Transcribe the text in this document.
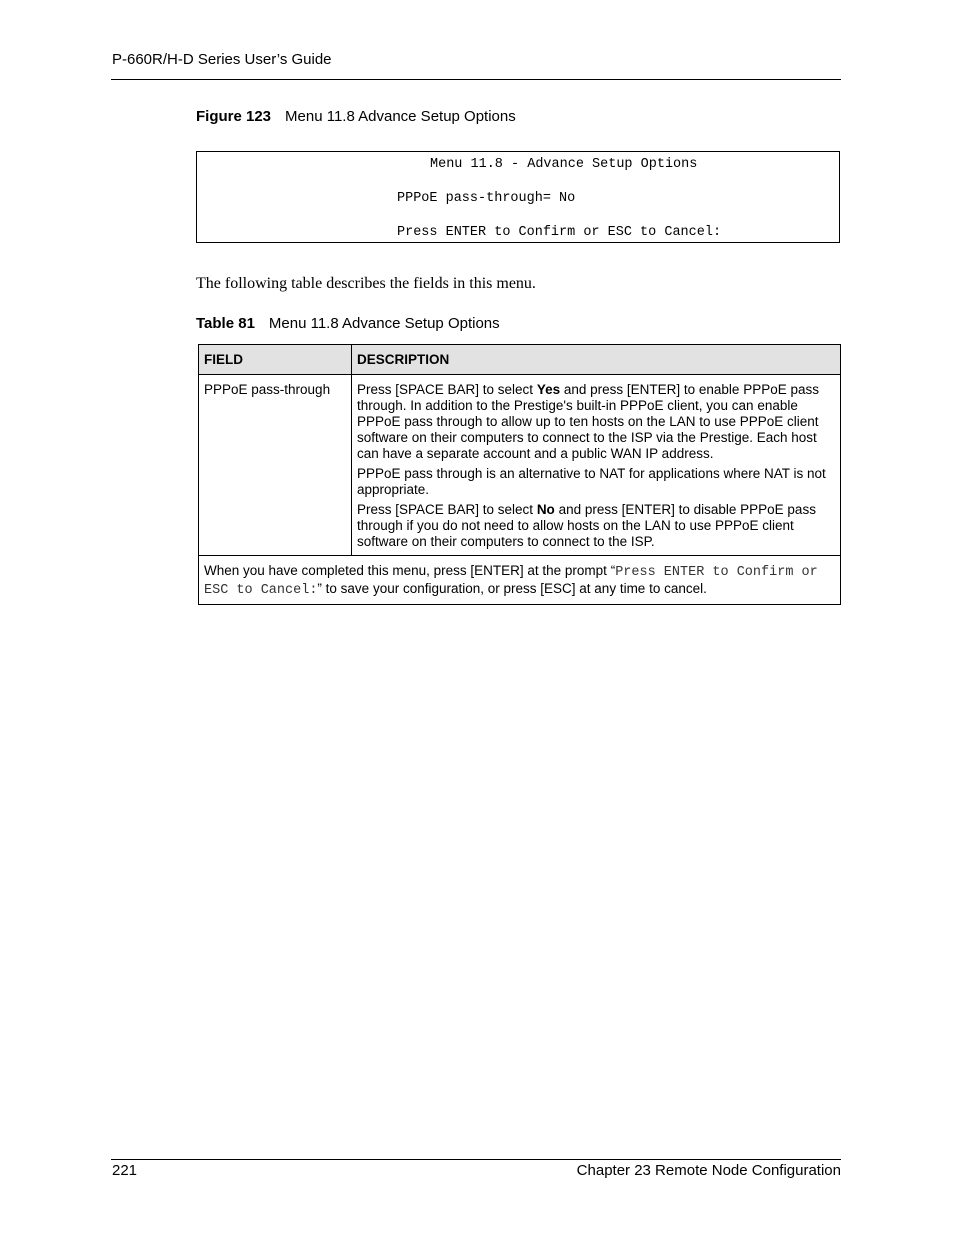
P-660R/H-D Series User’s Guide
Figure 123 Menu 11.8 Advance Setup Options
Menu 11.8 - Advance Setup Options
PPPoE pass-through= No
Press ENTER to Confirm or ESC to Cancel:
The following table describes the fields in this menu.
Table 81 Menu 11.8 Advance Setup Options
FIELD	DESCRIPTION
PPPoE pass-through	Press [SPACE BAR] to select Yes and press [ENTER] to enable PPPoE pass through. In addition to the Prestige's built-in PPPoE client, you can enable PPPoE pass through to allow up to ten hosts on the LAN to use PPPoE client software on their computers to connect to the ISP via the Prestige. Each host can have a separate account and a public WAN IP address.

PPPoE pass through is an alternative to NAT for applications where NAT is not appropriate.

Press [SPACE BAR] to select No and press [ENTER] to disable PPPoE pass through if you do not need to allow hosts on the LAN to use PPPoE client software on their computers to connect to the ISP.

When you have completed this menu, press [ENTER] at the prompt “Press ENTER to Confirm or ESC to Cancel:” to save your configuration, or press [ESC] at any time to cancel.	
221	Chapter 23 Remote Node Configuration
